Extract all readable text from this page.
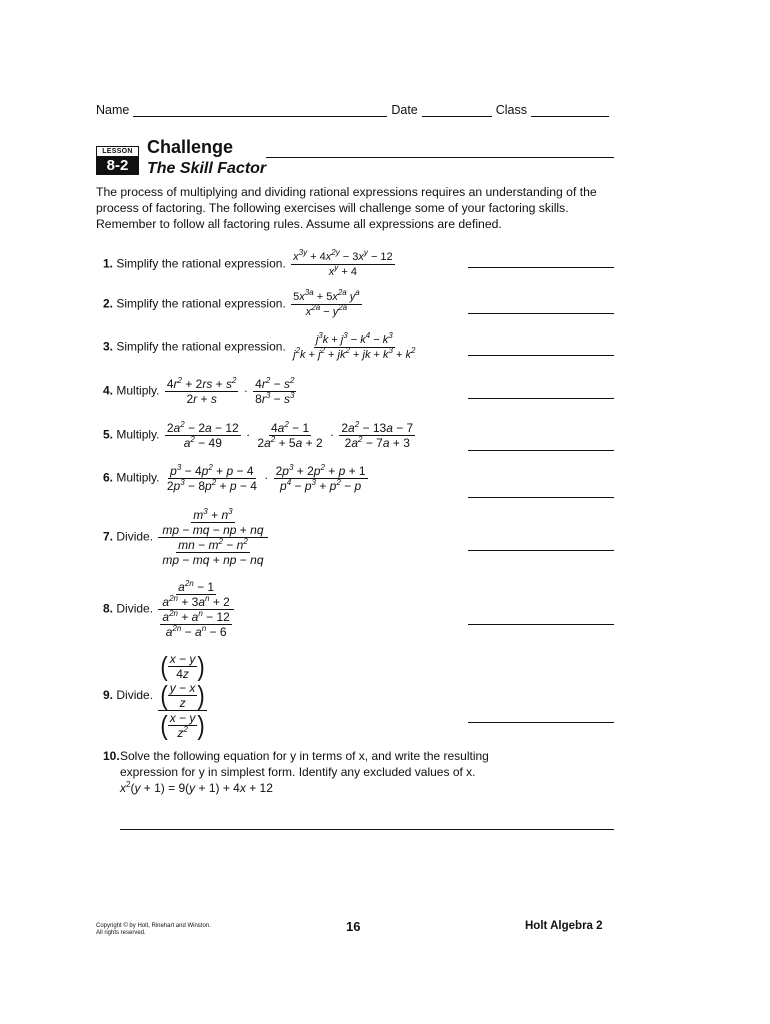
Name	Date	Class
LESSON
8-2
Challenge
The Skill Factor
The process of multiplying and dividing rational expressions requires an understanding of the process of factoring. The following exercises will challenge some of your factoring skills. Remember to follow all factoring rules. Assume all expressions are defined.
1. Simplify the rational expression. $\frac{x^{3y} + 4x^{2y} - 3x^y - 12}{x^y + 4}$
2. Simplify the rational expression. $\frac{5x^{3a} + 5x^{2a} y^a}{x^{2a} - y^{2a}}$
3. Simplify the rational expression. $\frac{j^3k + j^3 - k^4 - k^3}{j^2k + j^2 + jk^2 + jk + k^3 + k^2}$
4. Multiply. $\frac{4r^2 + 2rs + s^2}{2r + s} \cdot \frac{4r^2 - s^2}{8r^3 - s^3}$
5. Multiply. $\frac{2a^2 - 2a - 12}{a^2 - 49} \cdot \frac{4a^2 - 1}{2a^2 + 5a + 2} \cdot \frac{2a^2 - 13a - 7}{2a^2 - 7a + 3}$
6. Multiply. $\frac{p^3 - 4p^2 + p - 4}{2p^3 - 8p^2 + p - 4} \cdot \frac{2p^3 + 2p^2 + p + 1}{p^4 - p^3 + p^2 - p}$
7. Divide. $\frac{\frac{m^3 + n^3}{mp - mq - np + nq}}{\frac{mn - m^2 - n^2}{mp - mq + np - nq}}$
8. Divide. $\frac{\frac{a^{2n} - 1}{a^{2n} + 3a^n + 2}}{\frac{a^{2n} + a^n - 12}{a^{2n} - a^n - 6}}$
9. Divide. ( $\frac{x - y}{4z}$ )
( $\frac{y - x}{z}$ )
( $\frac{x - y}{z^2}$ )
10. Solve the following equation for y in terms of x, and write the resulting
expression for y in simplest form. Identify any excluded values of x.
$x^2(y + 1) = 9(y + 1) + 4x + 12$
Copyright © by Holt, Rinehart and Winston.
All rights reserved.	16	Holt Algebra 2
